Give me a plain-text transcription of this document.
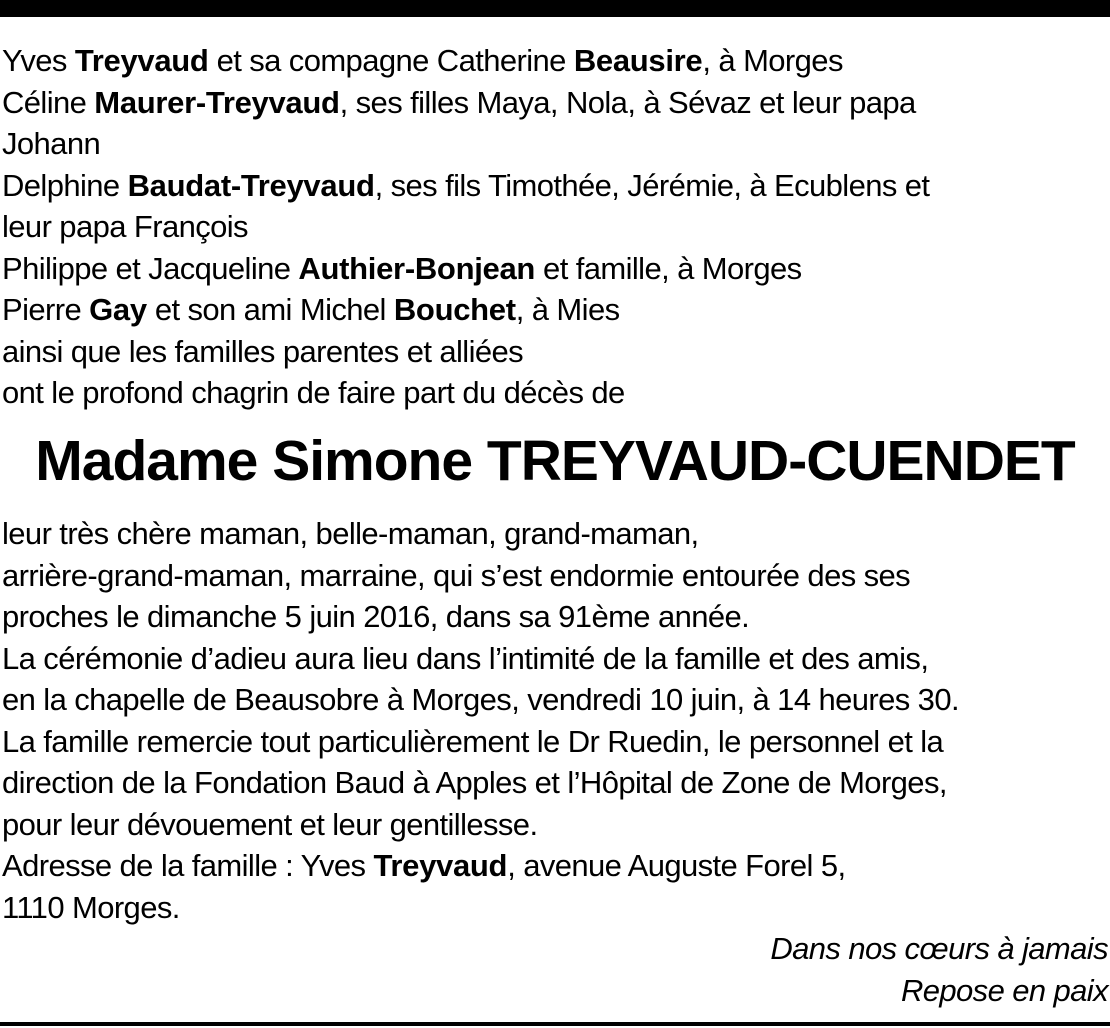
Yves Treyvaud et sa compagne Catherine Beausire, à Morges
Céline Maurer-Treyvaud, ses filles Maya, Nola, à Sévaz et leur papa
Johann
Delphine Baudat-Treyvaud, ses fils Timothée, Jérémie, à Ecublens et
leur papa François
Philippe et Jacqueline Authier-Bonjean et famille, à Morges
Pierre Gay et son ami Michel Bouchet, à Mies
ainsi que les familles parentes et alliées
ont le profond chagrin de faire part du décès de
Madame Simone TREYVAUD-CUENDET
leur très chère maman, belle-maman, grand-maman,
arrière-grand-maman, marraine, qui s’est endormie entourée des ses
proches le dimanche 5 juin 2016, dans sa 91ème année.
La cérémonie d’adieu aura lieu dans l’intimité de la famille et des amis,
en la chapelle de Beausobre à Morges, vendredi 10 juin, à 14 heures 30.
La famille remercie tout particulièrement le Dr Ruedin, le personnel et la
direction de la Fondation Baud à Apples et l’Hôpital de Zone de Morges,
pour leur dévouement et leur gentillesse.
Adresse de la famille : Yves Treyvaud, avenue Auguste Forel 5,
1110 Morges.
Dans nos cœurs à jamais
Repose en paix
